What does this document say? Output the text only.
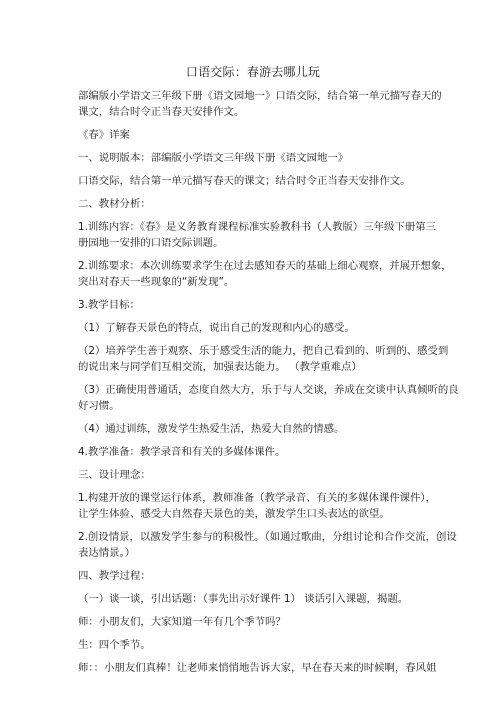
口语交际：春游去哪儿玩
部编版小学语文三年级下册《语文园地一》口语交际，结合第一单元描写春天的
课文，结合时令正当春天安排作文。
《春》详案
一、说明版本：部编版小学语文三年级下册《语文园地一》
口语交际，结合第一单元描写春天的课文；结合时令正当春天安排作文。
二、教材分析：
1.训练内容：《春》是义务教育课程标准实验教科书（人教版）三年级下册第三
册园地一安排的口语交际训题。
2.训练要求：本次训练要求学生在过去感知春天的基础上细心观察，并展开想象，
突出对春天一些现象的“新发现”。
3.教学目标：
（1）了解春天景色的特点，说出自己的发现和内心的感受。
（2）培养学生善于观察、乐于感受生活的能力，把自己看到的、听到的、感受到
的说出来与同学们互相交流，加强表达能力。 （教学重难点）
（3）正确使用普通话，态度自然大方，乐于与人交谈，养成在交谈中认真倾听的良
好习惯。
（4）通过训练，激发学生热爱生活，热爱大自然的情感。
4.教学准备：教学录音和有关的多媒体课件。
三、设计理念：
1.构建开放的课堂运行体系，教师准备（教学录音、有关的多媒体课件课件），
让学生体验、感受大自然春天景色的美，激发学生口头表达的欲望。
2.创设情景，以激发学生参与的积极性。（如通过歌曲，分组讨论和合作交流，创设
表达情景。）
四、教学过程：
（一）谈一谈，引出话题：（事先出示好课件 1） 谈话引入课题，揭题。
师：小朋友们，大家知道一年有几个季节吗？
生：四个季节。
师：：小朋友们真棒！让老师来悄悄地告诉大家，早在春天来的时候啊，春风姐
